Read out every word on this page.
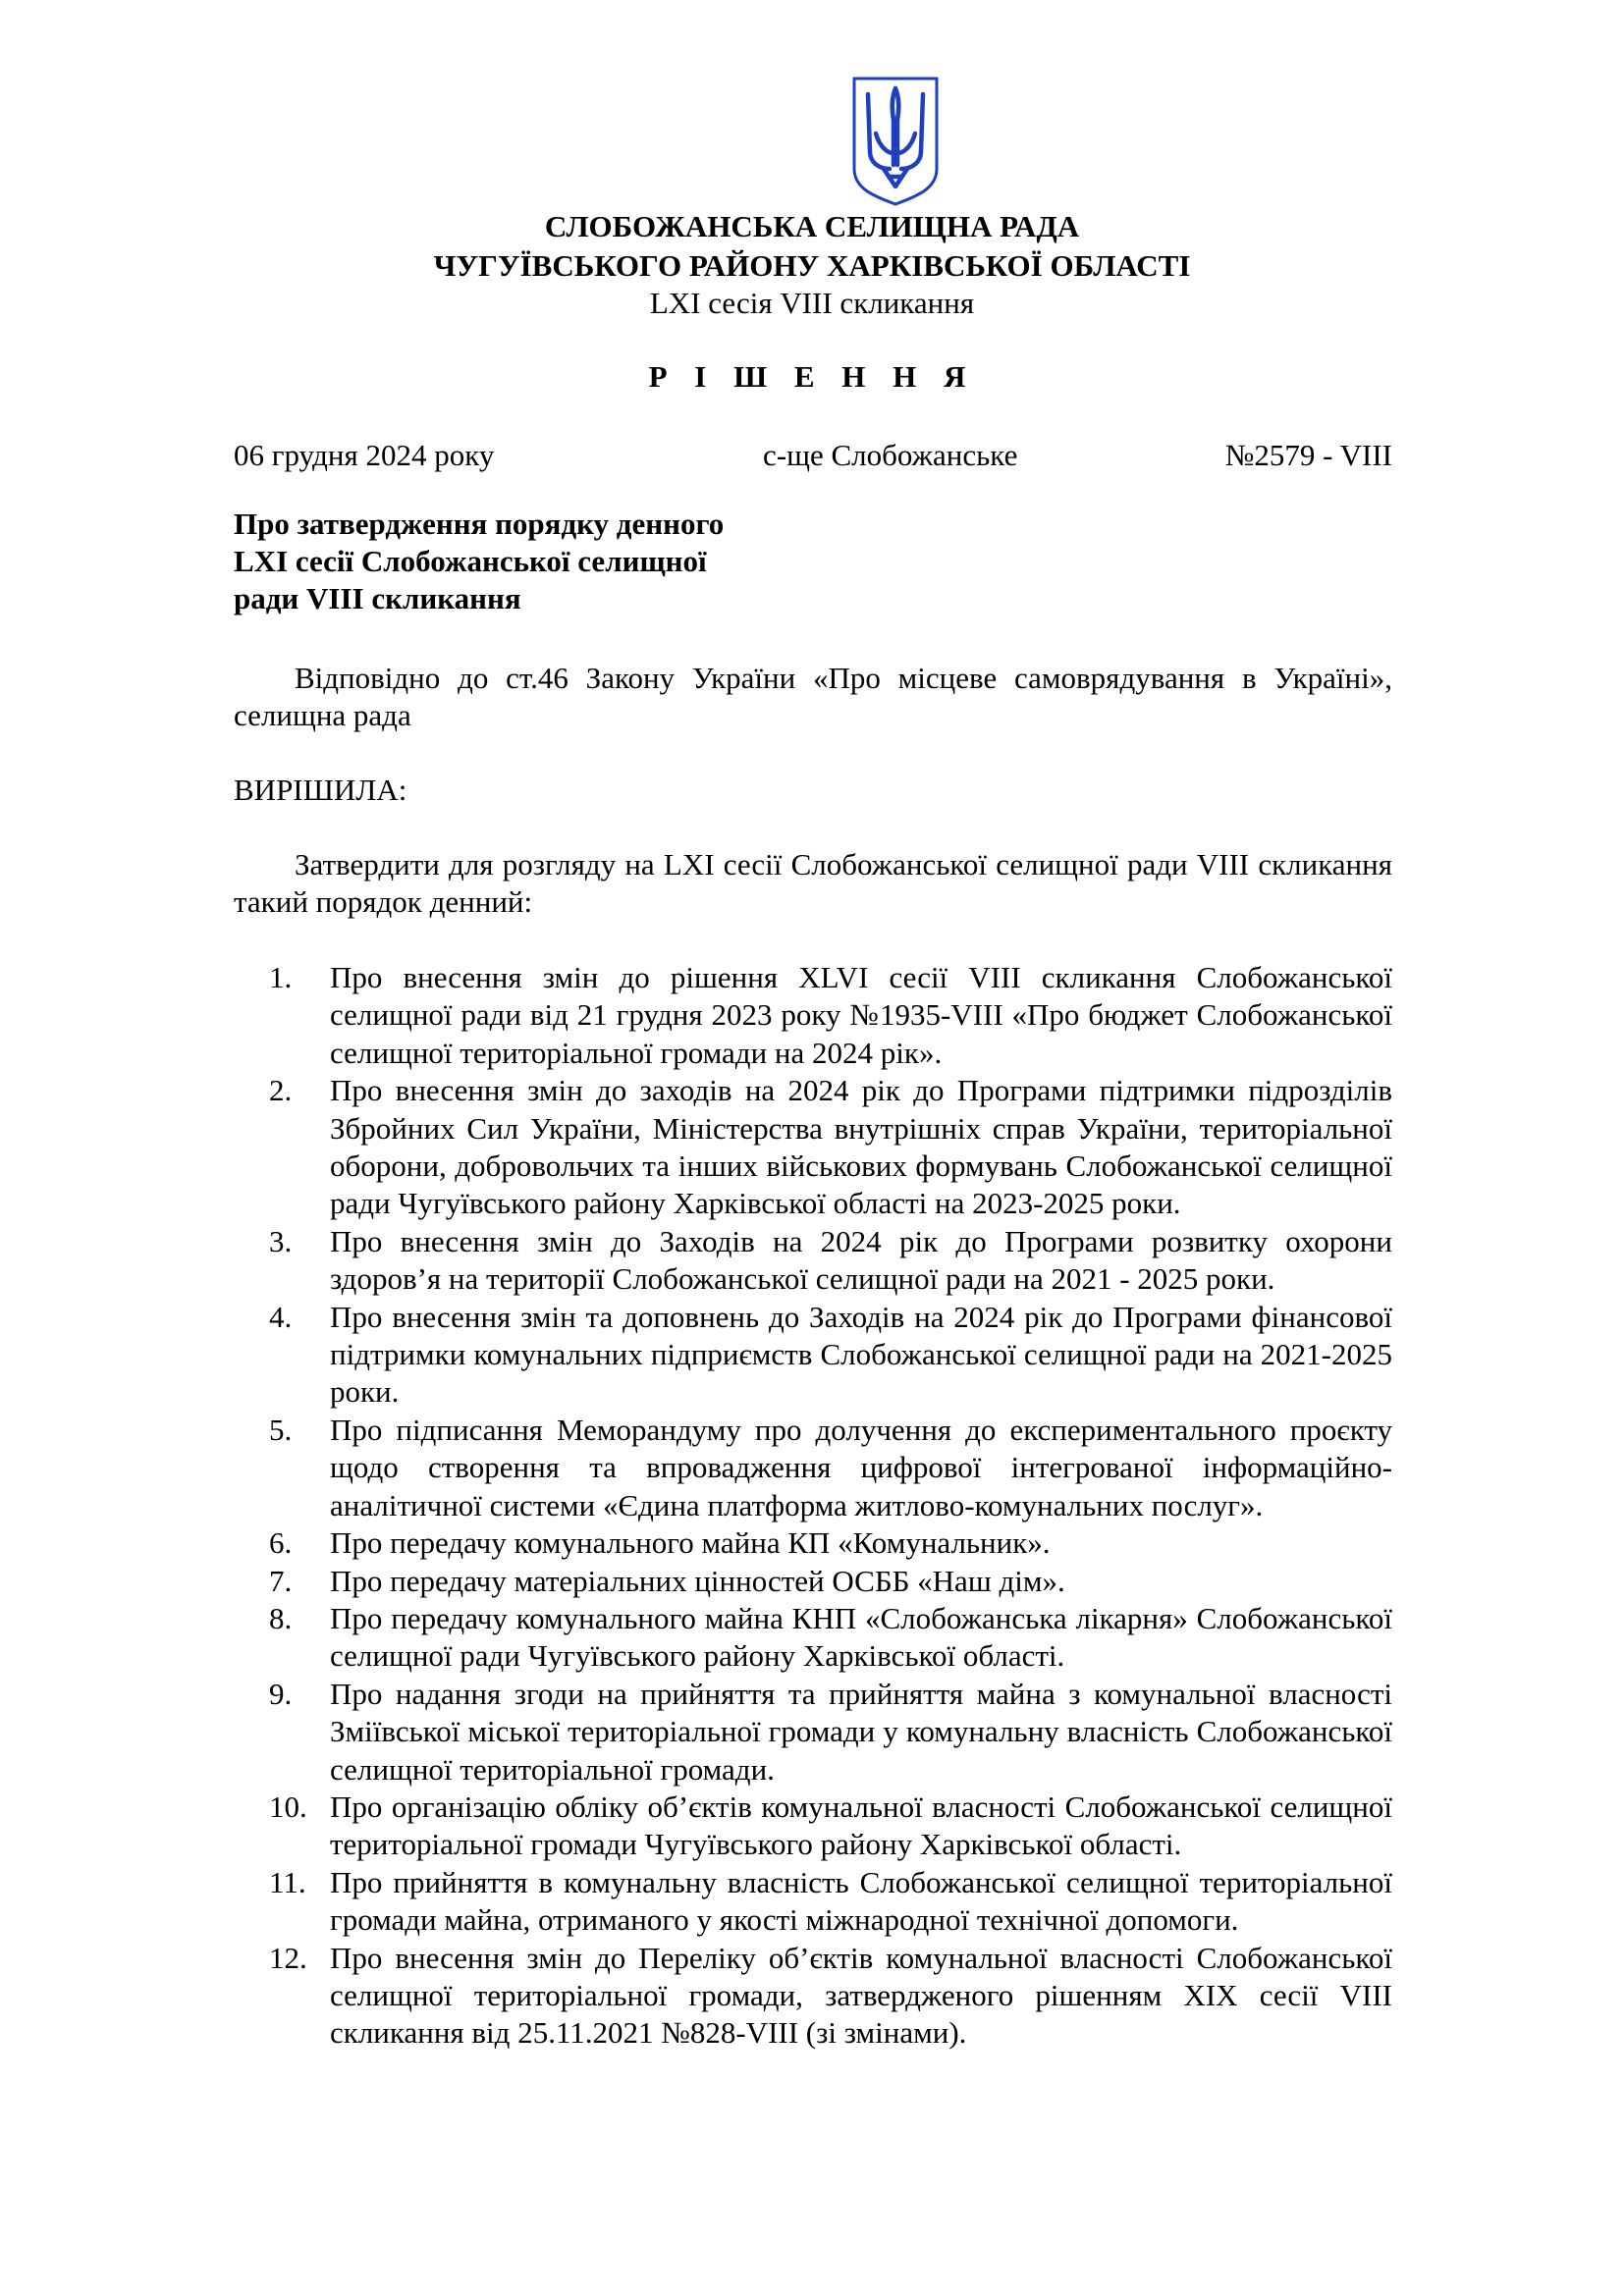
СЛОБОЖАНСЬКА СЕЛИЩНА РАДА
ЧУГУЇВСЬКОГО РАЙОНУ ХАРКІВСЬКОЇ ОБЛАСТІ
LXI сесія VIII скликання
Р І Ш Е Н Н Я
06 грудня 2024 року	с-ще Слобожанське	№2579 - VIII
Про затвердження порядку денного
LXI сесії Слобожанської селищної
ради VIII скликання
Відповідно до ст.46 Закону України «Про місцеве самоврядування в Україні», селищна рада
ВИРІШИЛА:
Затвердити для розгляду на LXI сесії Слобожанської селищної ради VIII скликання такий порядок денний:
1.	Про внесення змін до рішення XLVI сесії VIII скликання Слобожанської селищної ради від 21 грудня 2023 року №1935-VIII «Про бюджет Слобожанської селищної територіальної громади на 2024 рік».
2.	Про внесення змін до заходів на 2024 рік до Програми підтримки підрозділів Збройних Сил України, Міністерства внутрішніх справ України, територіальної оборони, добровольчих та інших військових формувань Слобожанської селищної ради Чугуївського району Харківської області на 2023-2025 роки.
3.	Про внесення змін до Заходів на 2024 рік до Програми розвитку охорони здоров’я на території Слобожанської селищної ради на 2021 - 2025 роки.
4.	Про внесення змін та доповнень до Заходів на 2024 рік до Програми фінансової підтримки комунальних підприємств Слобожанської селищної ради на 2021-2025 роки.
5.	Про підписання Меморандуму про долучення до експериментального проєкту щодо створення та впровадження цифрової інтегрованої інформаційно-аналітичної системи «Єдина платформа житлово-комунальних послуг».
6.	Про передачу комунального майна КП «Комунальник».
7.	Про передачу матеріальних цінностей ОСББ «Наш дім».
8.	Про передачу комунального майна КНП «Слобожанська лікарня» Слобожанської селищної ради Чугуївського району Харківської області.
9.	Про надання згоди на прийняття та прийняття майна з комунальної власності Зміївської міської територіальної громади у комунальну власність Слобожанської селищної територіальної громади.
10. Про організацію обліку об’єктів комунальної власності Слобожанської селищної територіальної громади Чугуївського району Харківської області.
11. Про прийняття в комунальну власність Слобожанської селищної територіальної громади майна, отриманого у якості міжнародної технічної допомоги.
12. Про внесення змін до Переліку об’єктів комунальної власності Слобожанської селищної територіальної громади, затвердженого рішенням XIX сесії VIII скликання від 25.11.2021 №828-VIII (зі змінами).
